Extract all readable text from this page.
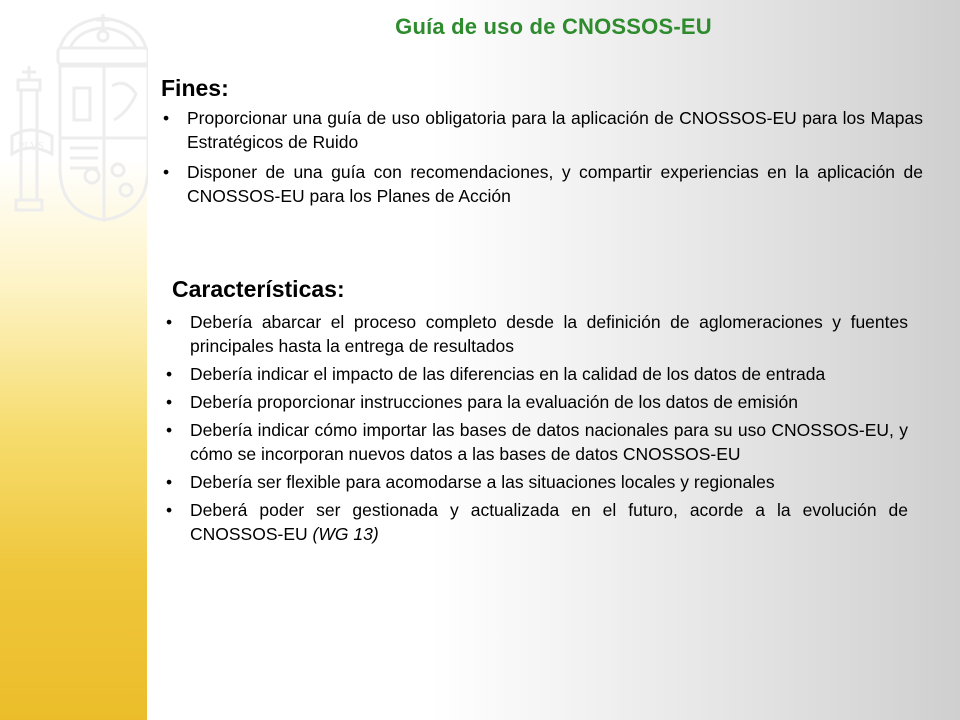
PLVS
Guía de uso de CNOSSOS-EU
Fines:
• Proporcionar una guía de uso obligatoria para la aplicación de CNOSSOS-EU para los Mapas Estratégicos de Ruido
• Disponer de una guía con recomendaciones, y compartir experiencias en la aplicación de CNOSSOS-EU para los Planes de Acción
Características:
• Debería abarcar el proceso completo desde la definición de aglomeraciones y fuentes principales hasta la entrega de resultados
• Debería indicar el impacto de las diferencias en la calidad de los datos de entrada
• Debería proporcionar instrucciones para la evaluación de los datos de emisión
• Debería indicar cómo importar las bases de datos nacionales para su uso CNOSSOS-EU, y cómo se incorporan nuevos datos a las bases de datos CNOSSOS-EU
• Debería ser flexible para acomodarse a las situaciones locales y regionales
• Deberá poder ser gestionada y actualizada en el futuro, acorde a la evolución de CNOSSOS-EU (WG 13)
